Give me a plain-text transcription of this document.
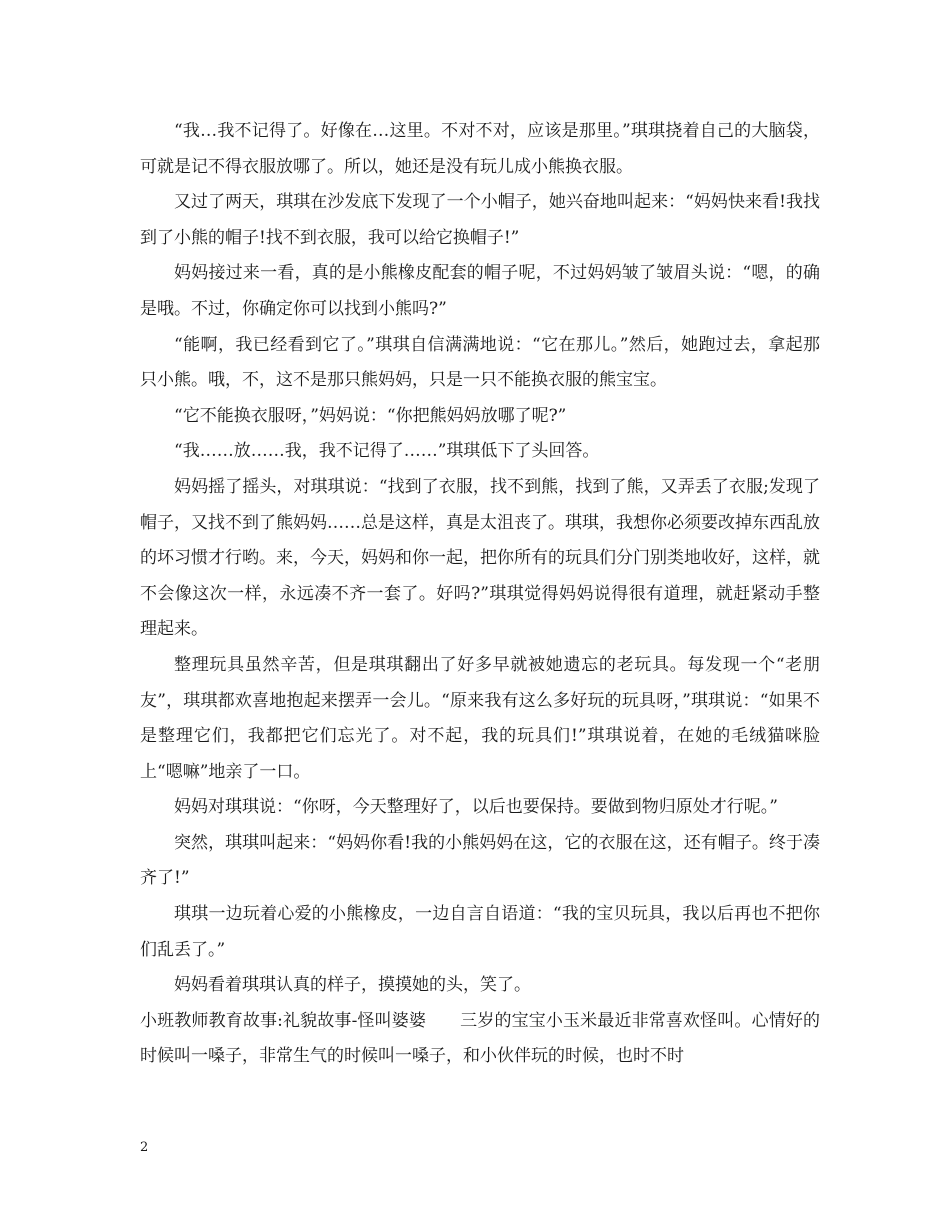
“我…我不记得了。好像在…这里。不对不对，应该是那里。”琪琪挠着自己的大脑袋，可就是记不得衣服放哪了。所以，她还是没有玩儿成小熊换衣服。

又过了两天，琪琪在沙发底下发现了一个小帽子，她兴奋地叫起来：“妈妈快来看!我找到了小熊的帽子!找不到衣服，我可以给它换帽子!”

妈妈接过来一看，真的是小熊橡皮配套的帽子呢，不过妈妈皱了皱眉头说：“嗯，的确是哦。不过，你确定你可以找到小熊吗?”

“能啊，我已经看到它了。”琪琪自信满满地说：“它在那儿。”然后，她跑过去，拿起那只小熊。哦，不，这不是那只熊妈妈，只是一只不能换衣服的熊宝宝。

“它不能换衣服呀，”妈妈说：“你把熊妈妈放哪了呢?”

“我……放……我，我不记得了……”琪琪低下了头回答。

妈妈摇了摇头，对琪琪说：“找到了衣服，找不到熊，找到了熊，又弄丢了衣服;发现了帽子，又找不到了熊妈妈……总是这样，真是太沮丧了。琪琪，我想你必须要改掉东西乱放的坏习惯才行哟。来，今天，妈妈和你一起，把你所有的玩具们分门别类地收好，这样，就不会像这次一样，永远凑不齐一套了。好吗?”琪琪觉得妈妈说得很有道理，就赶紧动手整理起来。

整理玩具虽然辛苦，但是琪琪翻出了好多早就被她遗忘的老玩具。每发现一个“老朋友”，琪琪都欢喜地抱起来摆弄一会儿。“原来我有这么多好玩的玩具呀，”琪琪说：“如果不是整理它们，我都把它们忘光了。对不起，我的玩具们!”琪琪说着，在她的毛绒猫咪脸上“嗯嘛”地亲了一口。

妈妈对琪琪说：“你呀，今天整理好了，以后也要保持。要做到物归原处才行呢。”

突然，琪琪叫起来：“妈妈你看!我的小熊妈妈在这，它的衣服在这，还有帽子。终于凑齐了!”

琪琪一边玩着心爱的小熊橡皮，一边自言自语道：“我的宝贝玩具，我以后再也不把你们乱丢了。”

妈妈看着琪琪认真的样子，摸摸她的头，笑了。

小班教师教育故事:礼貌故事-怪叫婆婆 三岁的宝宝小玉米最近非常喜欢怪叫。心情好的时候叫一嗓子，非常生气的时候叫一嗓子，和小伙伴玩的时候，也时不时

2
